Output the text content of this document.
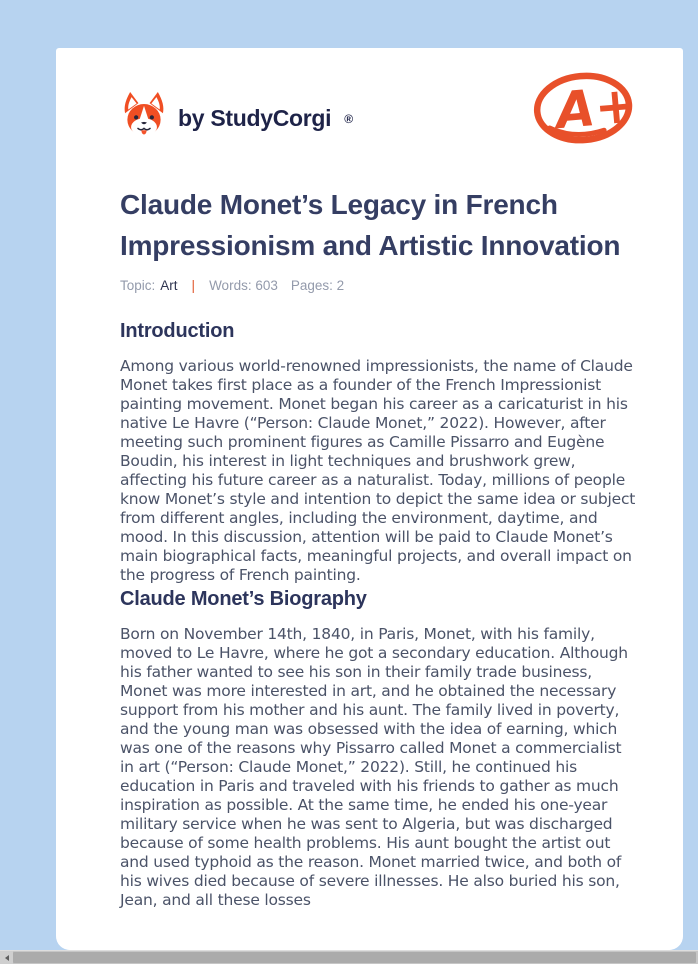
by StudyCorgi ®	A+
Claude Monet’s Legacy in French Impressionism and Artistic Innovation
Topic: Art | Words: 603 Pages: 2
Introduction

Among various world-renowned impressionists, the name of Claude Monet takes first place as a founder of the French Impressionist painting movement. Monet began his career as a caricaturist in his native Le Havre (“Person: Claude Monet,” 2022). However, after meeting such prominent figures as Camille Pissarro and Eugène Boudin, his interest in light techniques and brushwork grew, affecting his future career as a naturalist. Today, millions of people know Monet’s style and intention to depict the same idea or subject from different angles, including the environment, daytime, and mood. In this discussion, attention will be paid to Claude Monet’s main biographical facts, meaningful projects, and overall impact on the progress of French painting.

Claude Monet’s Biography

Born on November 14th, 1840, in Paris, Monet, with his family, moved to Le Havre, where he got a secondary education. Although his father wanted to see his son in their family trade business, Monet was more interested in art, and he obtained the necessary support from his mother and his aunt. The family lived in poverty, and the young man was obsessed with the idea of earning, which was one of the reasons why Pissarro called Monet a commercialist in art (“Person: Claude Monet,” 2022). Still, he continued his education in Paris and traveled with his friends to gather as much inspiration as possible. At the same time, he ended his one-year military service when he was sent to Algeria, but was discharged because of some health problems. His aunt bought the artist out and used typhoid as the reason. Monet married twice, and both of his wives died because of severe illnesses. He also buried his son, Jean, and all these losses
